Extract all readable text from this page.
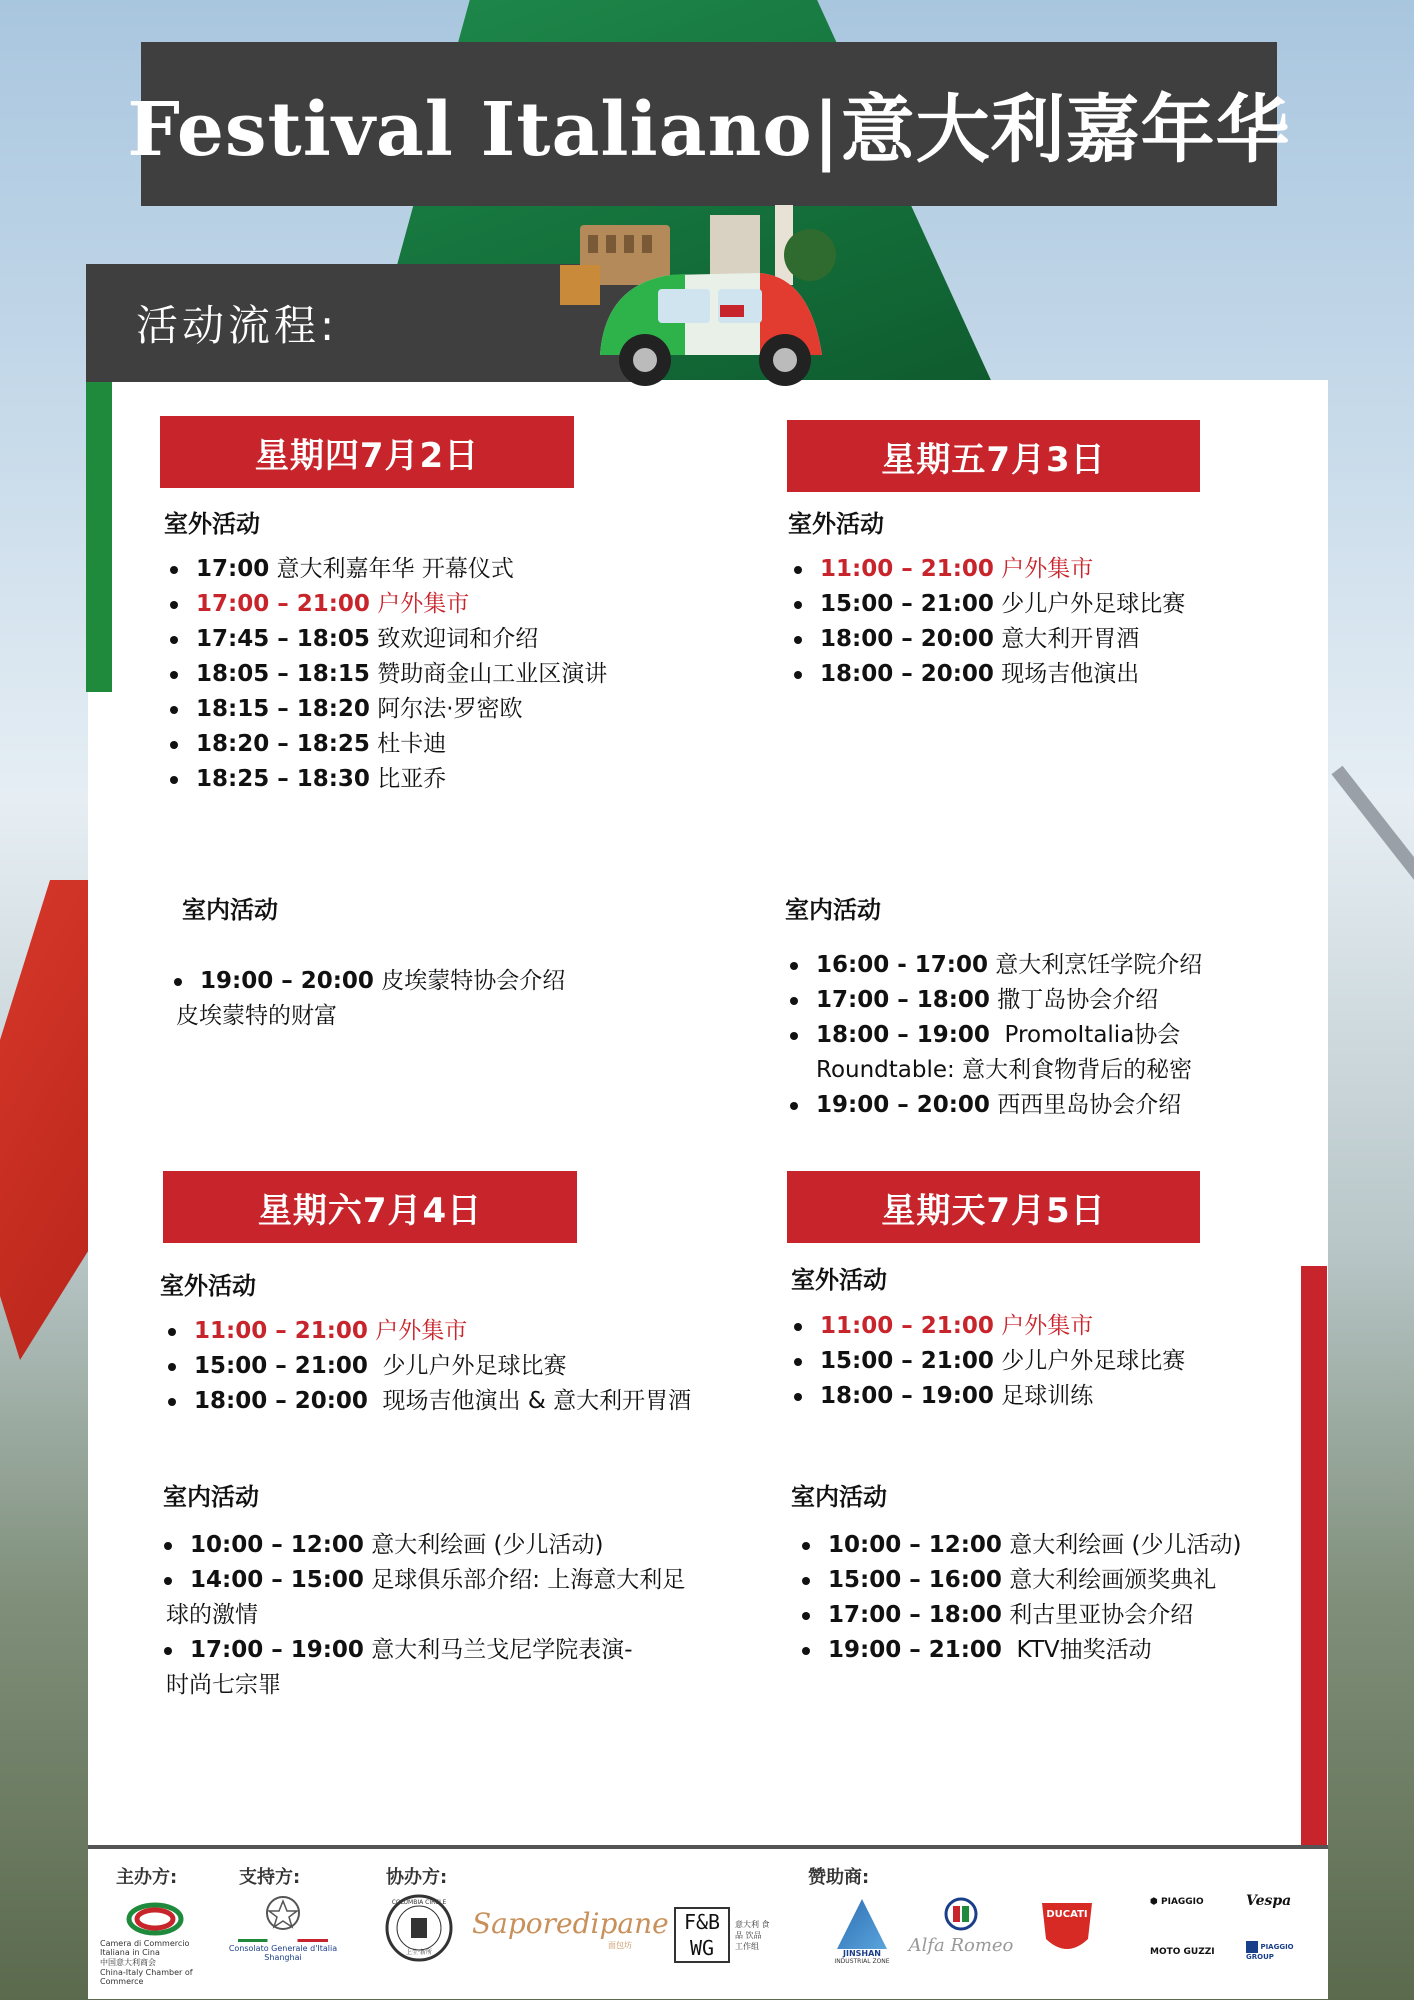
Festival Italiano|意大利嘉年华
活动流程:
星期四7月2日
室外活动
17:00 意大利嘉年华 开幕仪式
17:00 – 21:00 户外集市
17:45 – 18:05 致欢迎词和介绍
18:05 – 18:15 赞助商金山工业区演讲
18:15 – 18:20 阿尔法·罗密欧
18:20 – 18:25 杜卡迪
18:25 – 18:30 比亚乔
室内活动
19:00 – 20:00 皮埃蒙特协会介绍
皮埃蒙特的财富
星期五7月3日
室外活动
11:00 – 21:00 户外集市
15:00 – 21:00 少儿户外足球比赛
18:00 – 20:00 意大利开胃酒
18:00 – 20:00 现场吉他演出
室内活动
16:00 - 17:00 意大利烹饪学院介绍
17:00 – 18:00 撒丁岛协会介绍
18:00 – 19:00  PromoItalia协会
Roundtable: 意大利食物背后的秘密
19:00 – 20:00 西西里岛协会介绍
星期六7月4日
室外活动
11:00 – 21:00 户外集市
15:00 – 21:00  少儿户外足球比赛
18:00 – 20:00  现场吉他演出 & 意大利开胃酒
室内活动
10:00 – 12:00 意大利绘画 (少儿活动)
14:00 – 15:00 足球俱乐部介绍: 上海意大利足
球的激情
17:00 – 19:00 意大利马兰戈尼学院表演-
时尚七宗罪
星期天7月5日
室外活动
11:00 – 21:00 户外集市
15:00 – 21:00 少儿户外足球比赛
18:00 – 19:00 足球训练
室内活动
10:00 – 12:00 意大利绘画 (少儿活动)
15:00 – 16:00 意大利绘画颁奖典礼
17:00 – 18:00 利古里亚协会介绍
19:00 – 21:00  KTV抽奖活动
主办方:	支持方:	协办方:	赞助商:
Camera di Commercio Italiana in Cina
中国意大利商会
China-Italy Chamber of Commerce
Consolato Generale d'Italia
Shanghai
COLUMBIA CIRCLE
上生·新所
Saporedipane
面包坊
F&B WG
意大利 食品 饮品 工作组
JINSHAN
INDUSTRIAL ZONE
Alfa Romeo
DUCATI
⬢ PIAGGIO	Vespa
MOTO GUZZI	PIAGGIO GROUP
